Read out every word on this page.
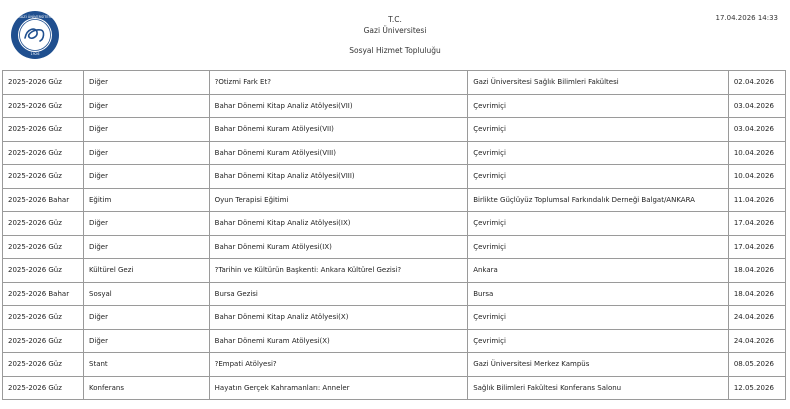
GAZİ ÜNİVERSİTESİ
1926
T.C.
Gazi Üniversitesi
Sosyal Hizmet Topluluğu
17.04.2026 14:33
2025-2026 Güz	Diğer	?Otizmi Fark Et?	Gazi Üniversitesi Sağlık Bilimleri Fakültesi	02.04.2026
2025-2026 Güz	Diğer	Bahar Dönemi Kitap Analiz Atölyesi(VII)	Çevrimiçi	03.04.2026
2025-2026 Güz	Diğer	Bahar Dönemi Kuram Atölyesi(VII)	Çevrimiçi	03.04.2026
2025-2026 Güz	Diğer	Bahar Dönemi Kuram Atölyesi(VIII)	Çevrimiçi	10.04.2026
2025-2026 Güz	Diğer	Bahar Dönemi Kitap Analiz Atölyesi(VIII)	Çevrimiçi	10.04.2026
2025-2026 Bahar	Eğitim	Oyun Terapisi Eğitimi	Birlikte Güçlüyüz Toplumsal Farkındalık Derneği Balgat/ANKARA	11.04.2026
2025-2026 Güz	Diğer	Bahar Dönemi Kitap Analiz Atölyesi(IX)	Çevrimiçi	17.04.2026
2025-2026 Güz	Diğer	Bahar Dönemi Kuram Atölyesi(IX)	Çevrimiçi	17.04.2026
2025-2026 Güz	Kültürel Gezi	?Tarihin ve Kültürün Başkenti: Ankara Kültürel Gezisi?	Ankara	18.04.2026
2025-2026 Bahar	Sosyal	Bursa Gezisi	Bursa	18.04.2026
2025-2026 Güz	Diğer	Bahar Dönemi Kitap Analiz Atölyesi(X)	Çevrimiçi	24.04.2026
2025-2026 Güz	Diğer	Bahar Dönemi Kuram Atölyesi(X)	Çevrimiçi	24.04.2026
2025-2026 Güz	Stant	?Empati Atölyesi?	Gazi Üniversitesi Merkez Kampüs	08.05.2026
2025-2026 Güz	Konferans	Hayatın Gerçek Kahramanları: Anneler	Sağlık Bilimleri Fakültesi Konferans Salonu	12.05.2026
